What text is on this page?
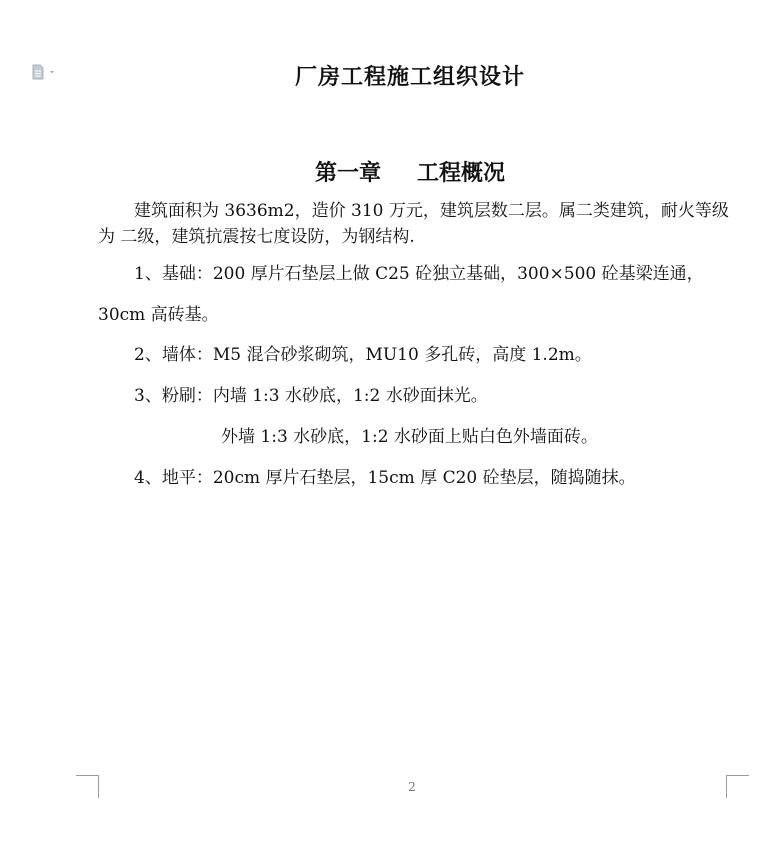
厂房工程施工组织设计
第一章 工程概况
建筑面积为 3636m2，造价 310 万元，建筑层数二层。属二类建筑，耐火等级为 二级，建筑抗震按七度设防，为钢结构.
1、基础：200 厚片石垫层上做 C25 砼独立基础，300×500 砼基梁连通，
30cm 高砖基。
2、墙体：M5 混合砂浆砌筑，MU10 多孔砖，高度 1.2m。
3、粉刷：内墙 1:3 水砂底，1:2 水砂面抹光。
外墙 1:3 水砂底，1:2 水砂面上贴白色外墙面砖。
4、地平：20cm 厚片石垫层，15cm 厚 C20 砼垫层，随捣随抹。
2
